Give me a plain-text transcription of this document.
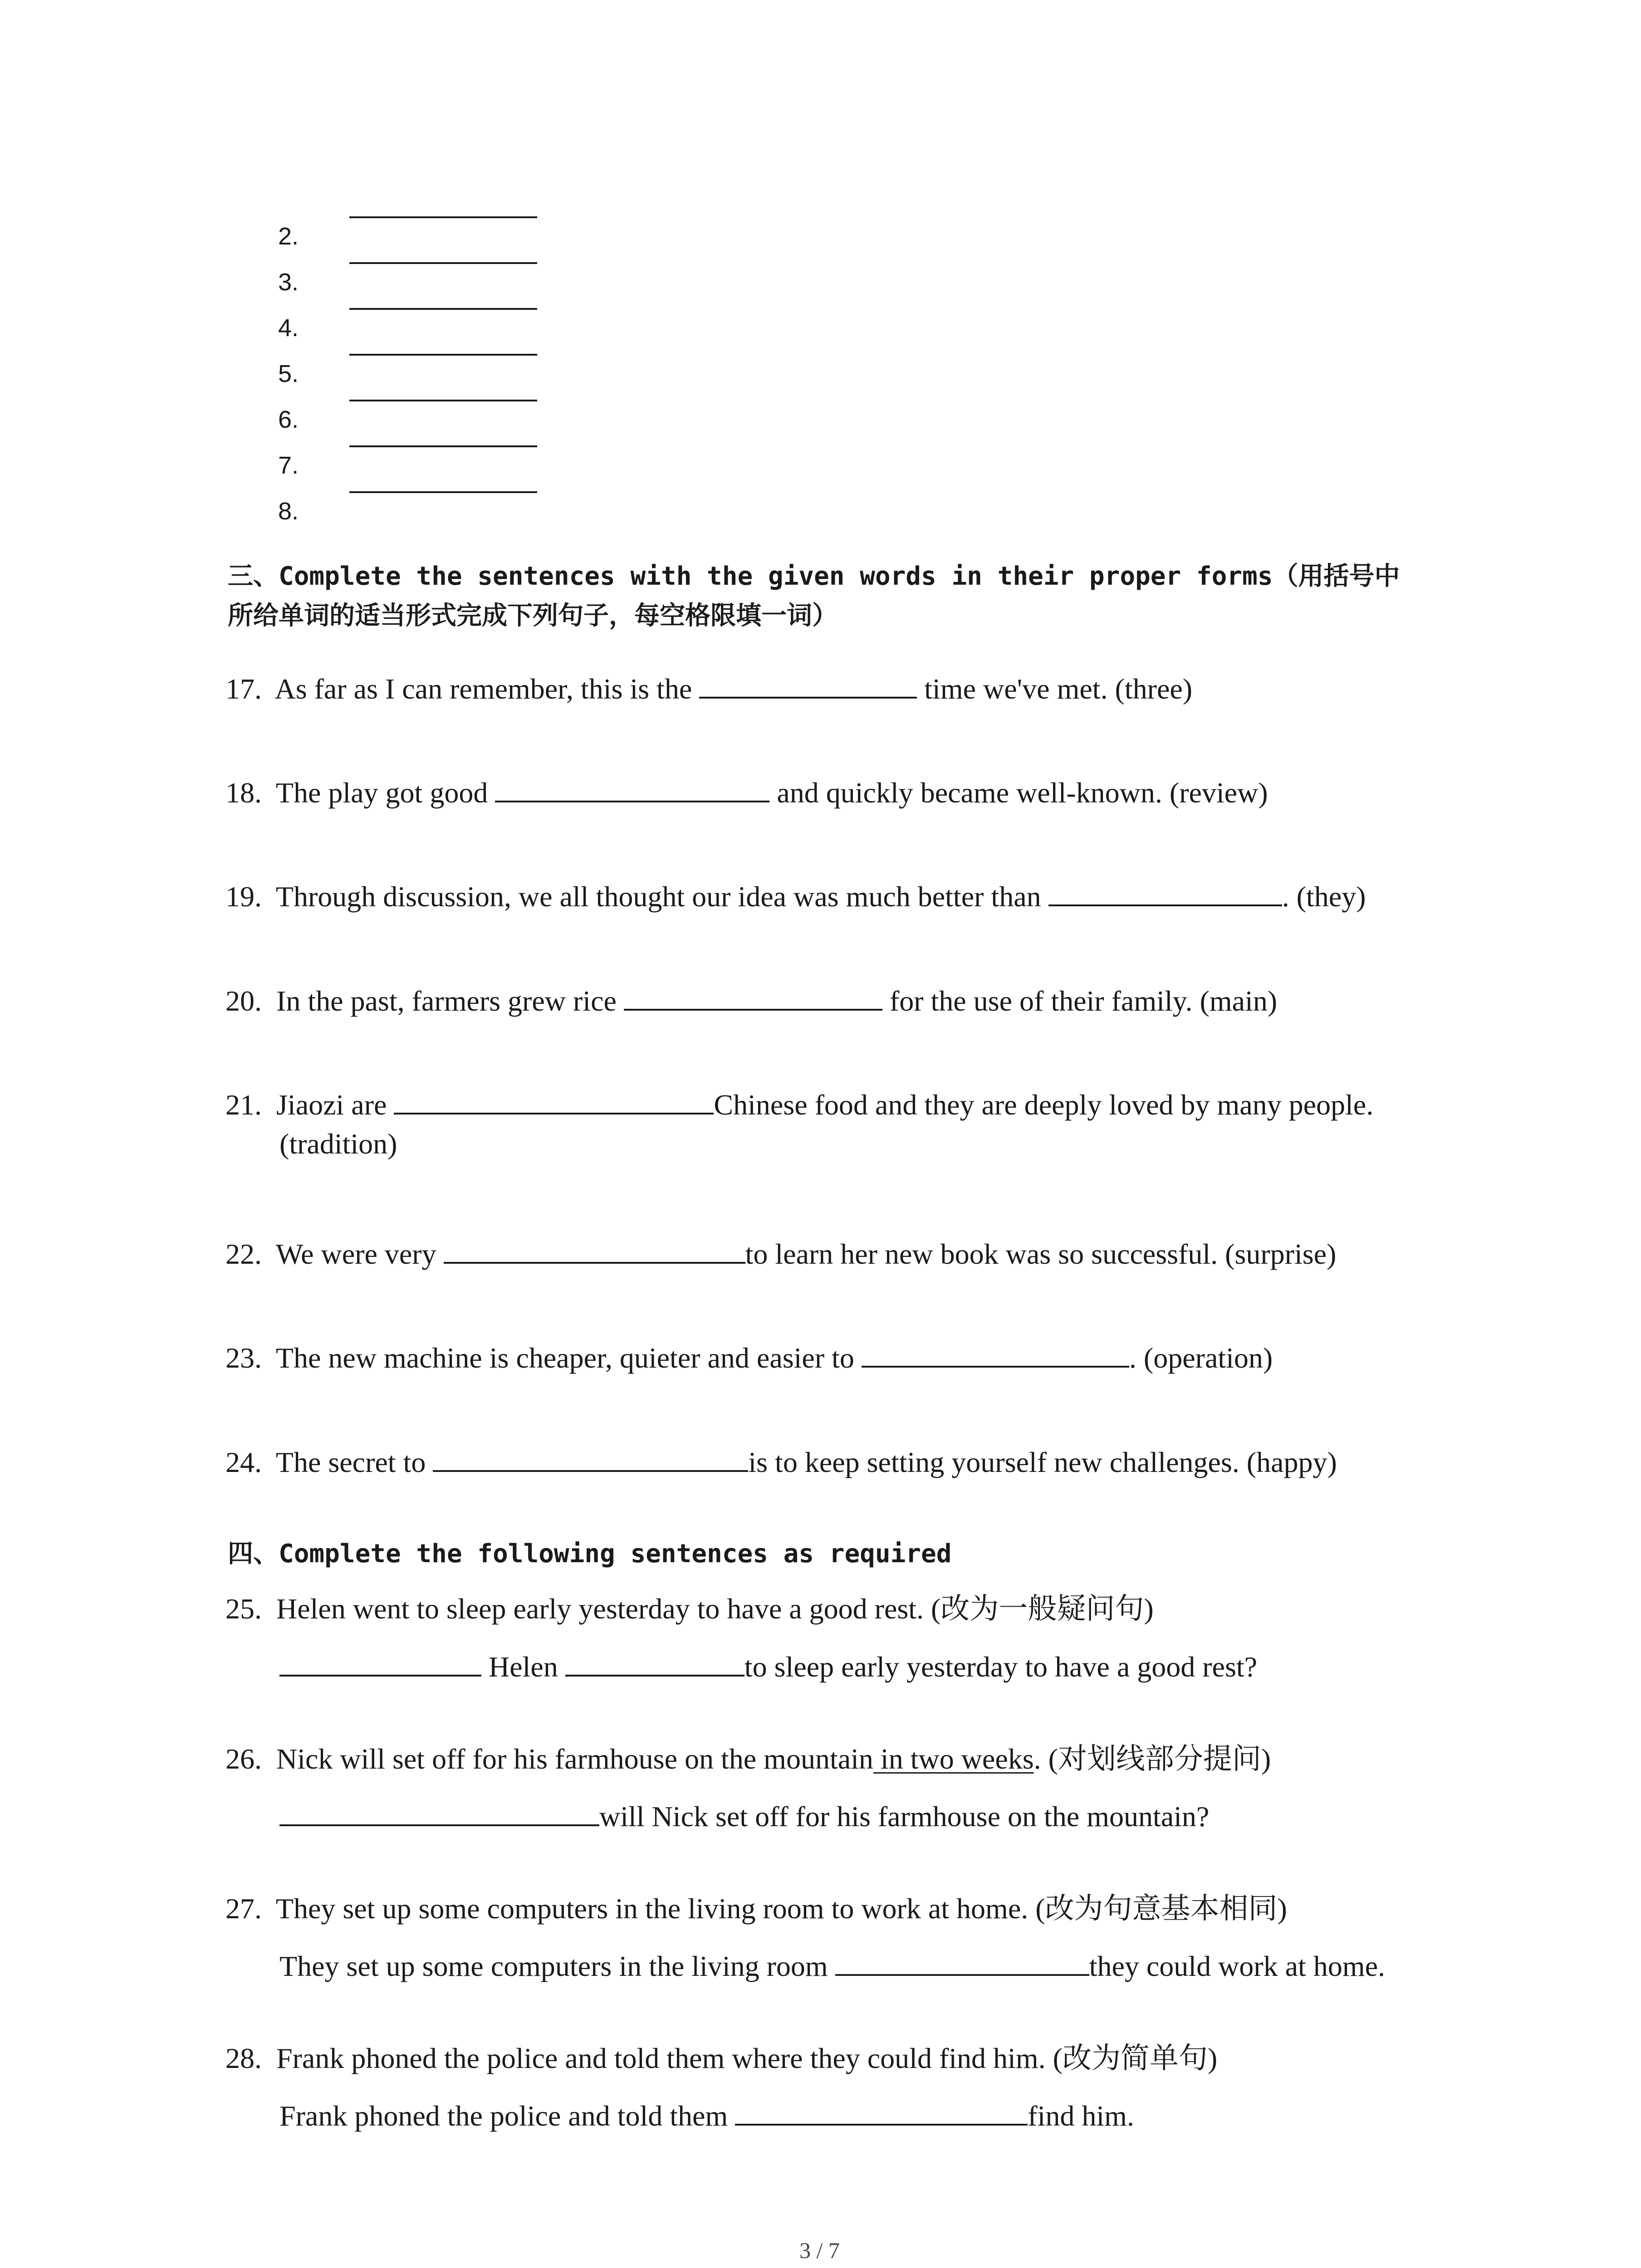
2.
3.
4.
5.
6.
7.
8.
三、Complete the sentences with the given words in their proper forms（用括号中
所给单词的适当形式完成下列句子，每空格限填一词）
17. As far as I can remember, this is the	time we've met. (three)
18. The play got good	and quickly became well-known. (review)
19. Through discussion, we all thought our idea was much better than	. (they)
20. In the past, farmers grew rice	for the use of their family. (main)
21. Jiaozi are	Chinese food and they are deeply loved by many people.
(tradition)
22. We were very	to learn her new book was so successful. (surprise)
23. The new machine is cheaper, quieter and easier to	. (operation)
24. The secret to	is to keep setting yourself new challenges. (happy)
四、Complete the following sentences as required
25. Helen went to sleep early yesterday to have a good rest. (改为一般疑问句)
Helen	to sleep early yesterday to have a good rest?
26. Nick will set off for his farmhouse on the mountain in two weeks. (对划线部分提问)
will Nick set off for his farmhouse on the mountain?
27. They set up some computers in the living room to work at home. (改为句意基本相同)
They set up some computers in the living room	they could work at home.
28. Frank phoned the police and told them where they could find him. (改为简单句)
Frank phoned the police and told them	find him.
3 / 7
